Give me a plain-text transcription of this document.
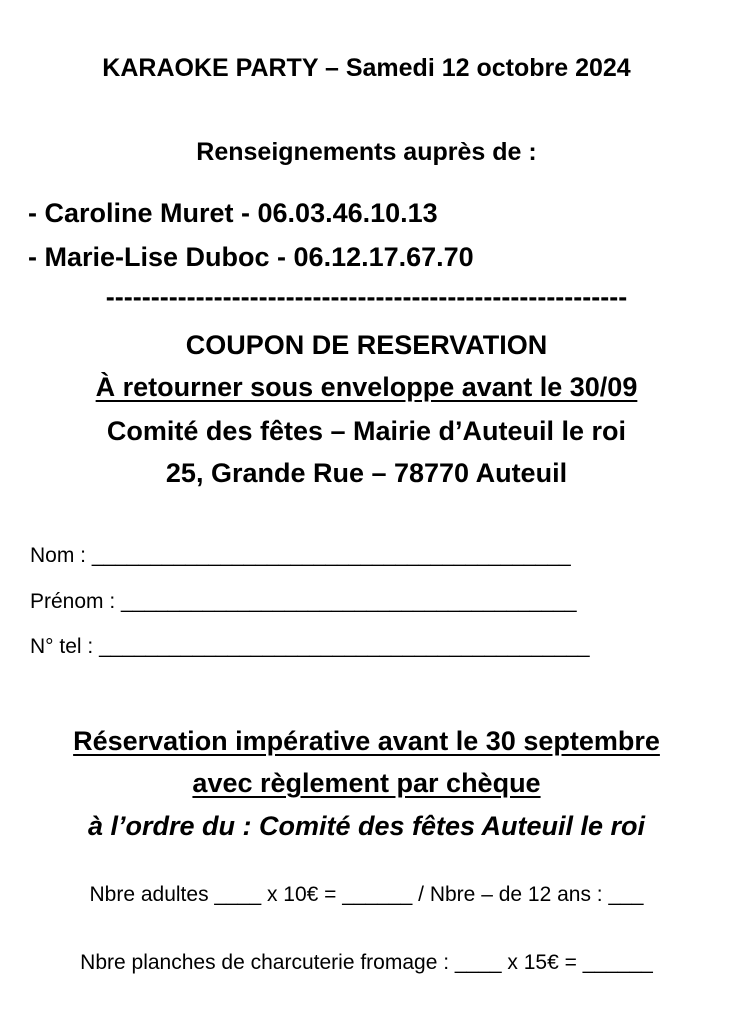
KARAOKE PARTY – Samedi 12 octobre 2024
Renseignements auprès de :
- Caroline Muret - 06.03.46.10.13
- Marie-Lise Duboc - 06.12.17.67.70
----------------------------------------------------------
COUPON DE RESERVATION
À retourner sous enveloppe avant le 30/09
Comité des fêtes – Mairie d’Auteuil le roi
25, Grande Rue – 78770 Auteuil
Nom : _________________________________________
Prénom : _______________________________________
N° tel : __________________________________________
Réservation impérative avant le 30 septembre
avec règlement par chèque
à l’ordre du : Comité des fêtes Auteuil le roi
Nbre adultes ____ x 10€ = ______ / Nbre – de 12 ans : ___
Nbre planches de charcuterie fromage : ____ x 15€ = ______
